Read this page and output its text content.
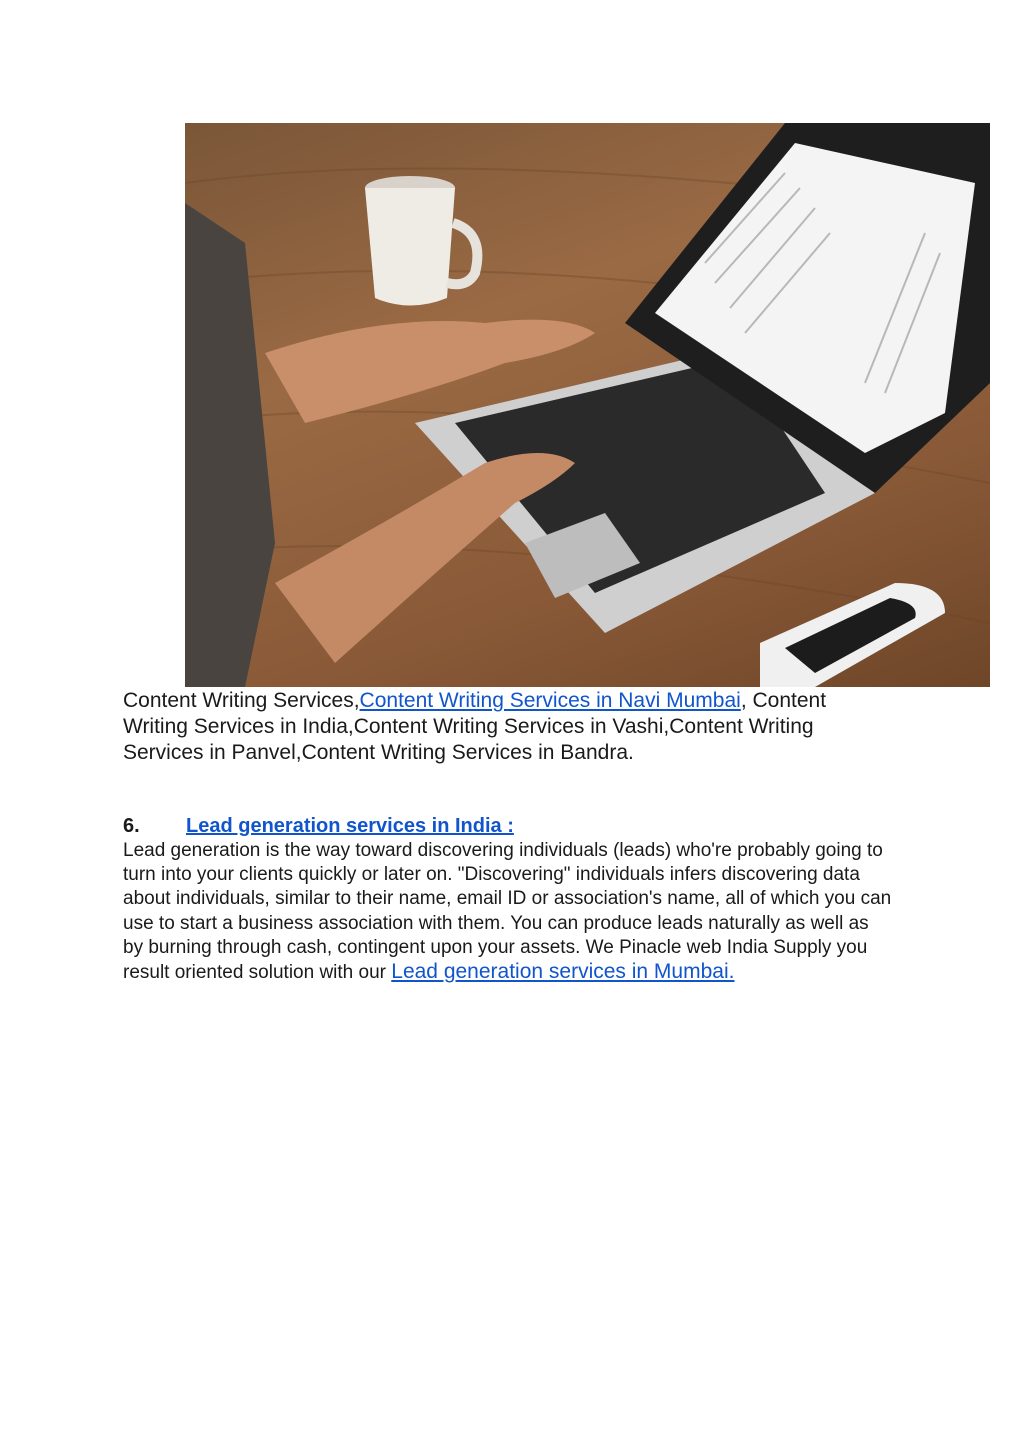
Content Writing Services,Content Writing Services in Navi Mumbai, Content Writing Services in India,Content Writing Services in Vashi,Content Writing Services in Panvel,Content Writing Services in Bandra.
6. Lead generation services in India :
Lead generation is the way toward discovering individuals (leads) who're probably going to turn into your clients quickly or later on. "Discovering" individuals infers discovering data about individuals, similar to their name, email ID or association's name, all of which you can use to start a business association with them. You can produce leads naturally as well as by burning through cash, contingent upon your assets. We Pinacle web India Supply you result oriented solution with our Lead generation services in Mumbai.
